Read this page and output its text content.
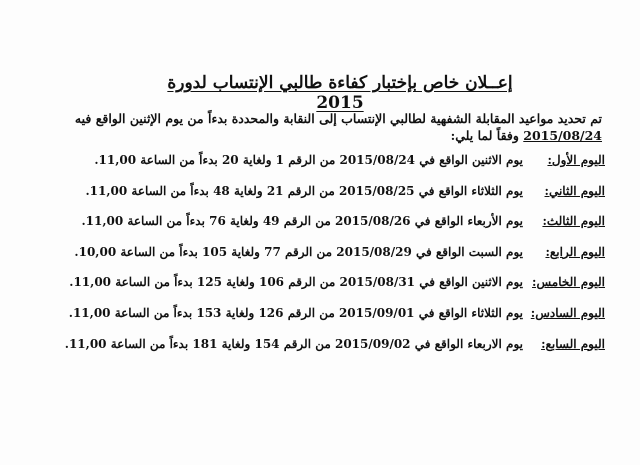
إعــلان خاص بإختبار كفاءة طالبي الإنتساب لدورة 2015
تم تحديد مواعيد المقابلة الشفهية لطالبي الإنتساب إلى النقابة والمحددة بدءاً من يوم الإثنين الواقع فيه 2015/08/24 وفقاً لما يلي:
اليوم الأول:
يوم الاثنين الواقع في 2015/08/24 من الرقم 1 ولغاية 20 بدءاً من الساعة 11,00.
اليوم الثاني:
يوم الثلاثاء الواقع في 2015/08/25 من الرقم 21 ولغاية 48 بدءاً من الساعة 11,00.
اليوم الثالث:
يوم الأربعاء الواقع في 2015/08/26 من الرقم 49 ولغاية 76 بدءاً من الساعة 11,00.
اليوم الرابع:
يوم السبت الواقع في 2015/08/29 من الرقم 77 ولغاية 105 بدءاً من الساعة 10,00.
اليوم الخامس:
يوم الاثنين الواقع في 2015/08/31 من الرقم 106 ولغاية 125 بدءاً من الساعة 11,00.
اليوم السادس:
يوم الثلاثاء الواقع في 2015/09/01 من الرقم 126 ولغاية 153 بدءاً من الساعة 11,00.
اليوم السابع:
يوم الاربعاء الواقع في 2015/09/02 من الرقم 154 ولغاية 181 بدءاً من الساعة 11,00.
